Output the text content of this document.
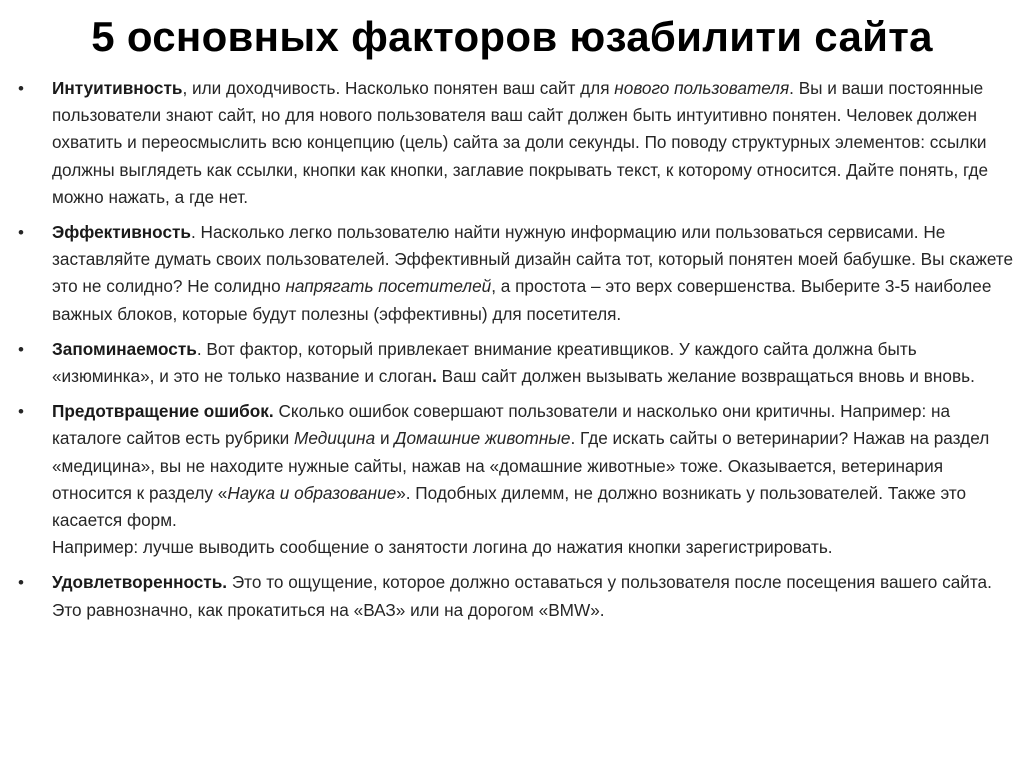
5 основных факторов юзабилити сайта
•	Интуитивность, или доходчивость. Насколько понятен ваш сайт для нового пользователя. Вы и ваши постоянные пользователи знают сайт, но для нового пользователя ваш сайт должен быть интуитивно понятен. Человек должен охватить и переосмыслить всю концепцию (цель) сайта за доли секунды. По поводу структурных элементов: ссылки должны выглядеть как ссылки, кнопки как кнопки, заглавие покрывать текст, к которому относится. Дайте понять, где можно нажать, а где нет.
•	Эффективность. Насколько легко пользователю найти нужную информацию или пользоваться сервисами. Не заставляйте думать своих пользователей. Эффективный дизайн сайта тот, который понятен моей бабушке. Вы скажете это не солидно? Не солидно напрягать посетителей, а простота – это верх совершенства. Выберите 3-5 наиболее важных блоков, которые будут полезны (эффективны) для посетителя.
•	Запоминаемость. Вот фактор, который привлекает внимание креативщиков. У каждого сайта должна быть «изюминка», и это не только название и слоган. Ваш сайт должен вызывать желание возвращаться вновь и вновь.
•	Предотвращение ошибок. Сколько ошибок совершают пользователи и насколько они критичны. Например: на каталоге сайтов есть рубрики Медицина и Домашние животные. Где искать сайты о ветеринарии? Нажав на раздел «медицина», вы не находите нужные сайты, нажав на «домашние животные» тоже. Оказывается, ветеринария относится к разделу «Наука и образование». Подобных дилемм, не должно возникать у пользователей. Также это касается форм.
Например: лучше выводить сообщение о занятости логина до нажатия кнопки зарегистрировать.
•	Удовлетворенность. Это то ощущение, которое должно оставаться у пользователя после посещения вашего сайта. Это равнозначно, как прокатиться на «ВАЗ» или на дорогом «BMW».
